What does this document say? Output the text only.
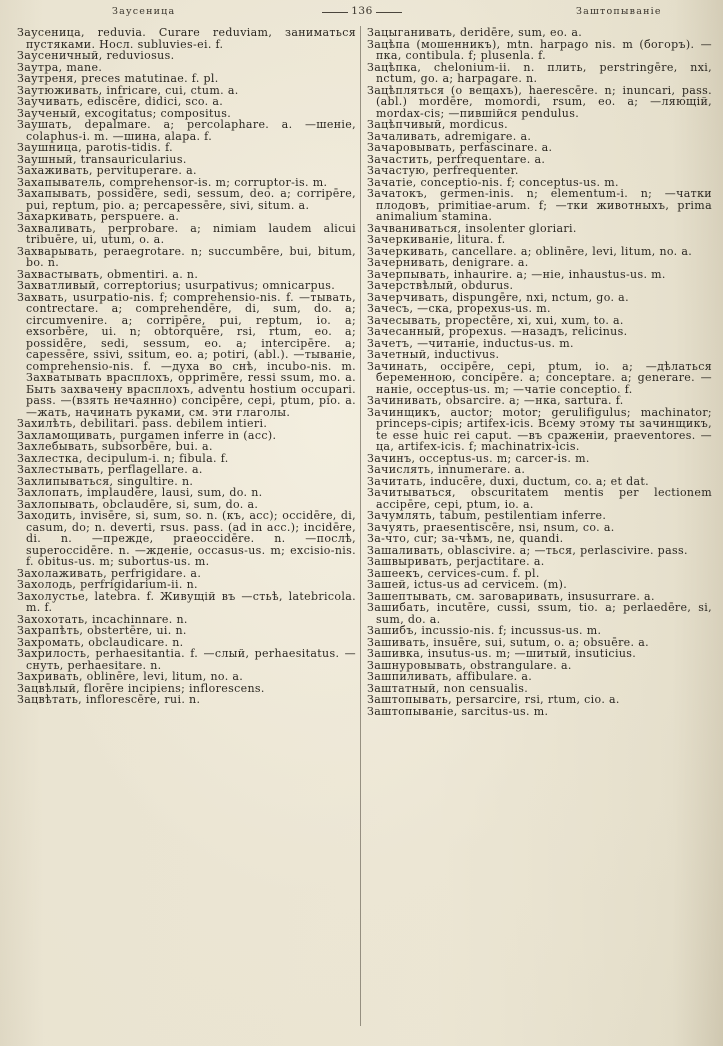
Заусеница	136	Заштопываніе

Заусеница, reduvia. Curare reduviam, заниматься пустяками. Носл. subluvies-ei. f.

Заусеничный, reduviosus.

Заутра, mane.

Заутреня, preces matutinae. f. pl.

Заутюживать, infricare, cui, ctum. a.

Заучивать, ediscēre, didici, sco. a.

Заученый, excogitatus; compositus.

Заушать, depalmare. a; percolaphare. a. —шеніе, colaphus-i. m. —шина, alapa. f.

Заушница, parotis-tidis. f.

Заушный, transauricularius.

Захаживать, pervituperare. a.

Захапыватель, comprehensor-is. m; corruptor-is. m.

Захапывать, possidēre, sedi, sessum, deo. a; corripēre, pui, reptum, pio. a; percapessēre, sivi, situm. a.

Захаркивать, perspuere. a.

Захваливать, perprobare. a; nimiam laudem alicui tribuēre, ui, utum, o. a.

Захварывать, peraegrotare. n; succumbēre, bui, bitum, bo. n.

Захвастывать, obmentiri. a. n.

Захватливый, correptorius; usurpativus; omnicarpus.

Захвать, usurpatio-nis. f; comprehensio-nis. f. —тывать, contrectare. a; comprehendēre, di, sum, do. a; circumvenire. a; corripēre, pui, reptum, io. a; exsorbēre, ui. n; obtorquēre, rsi, rtum, eo. a; possidēre, sedi, sessum, eo. a; intercipēre. a; capessēre, ssivi, ssitum, eo. a; potiri, (abl.). —тываніе, comprehensio-nis. f. —духа во снѣ, incubo-nis. m. Захватывать врасплохъ, opprimēre, ressi ssum, mo. a. Быть захвачену врасплохъ, adventu hostium occupari. pass. —(взять нечаянно) concipēre, cepi, ptum, pio. a. —жать, начинать руками, см. эти глаголы.

Захилѣть, debilitari. pass. debilem intieri.

Захламощивать, purgamen inferre in (acc).

Захлебывать, subsorbēre, bui. a.

Захлестка, decipulum-i. n; fibula. f.

Захлестывать, perflagellare. a.

Захлипываться, singultire. n.

Захлопать, implaudēre, lausi, sum, do. n.

Захлопывать, obclaudēre, si, sum, do. a.

Заходить, invisēre, si, sum, so. n. (къ, acc); occidēre, di, casum, do; n. deverti, rsus. pass. (ad in acc.); incidēre, di. n. —прежде, praeoccidēre. n. —послѣ, superoccidēre. n. —жденіе, occasus-us. m; excisio-nis. f. obitus-us. m; subortus-us. m.

Захолаживать, perfrigidare. a.

Захолодь, perfrigidarium-ii. n.

Захолустье, latebra. f. Живущій въ —стьѣ, latebricola. m. f.

Захохотать, incachinnare. n.

Захрапѣть, obstertēre, ui. n.

Захромать, obclaudicare. n.

Захрилость, perhaesitantia. f. —слый, perhaesitatus. —снуть, perhaesitare. n.

Захривать, oblinēre, levi, litum, no. a.

Зацвѣлый, florēre incipiens; inflorescens.

Зацвѣтать, inflorescēre, rui. n.

Зацыганивать, deridēre, sum, eo. a.

Зацѣпа (мошенникъ), mtn. harpago nis. m (богоръ). —пка, contibula. f; plusenla. f.

Зацѣпка, chelonium-ii. n. плить, perstringēre, nxi, nctum, go. a; harpagare. n.

Зацѣпляться (о вещахъ), haerescēre. n; inuncari, pass. (abl.) mordēre, momordi, rsum, eo. a; —ляющій, mordax-cis; —пившійся pendulus.

Зацѣпчивый, mordicus.

Зачаливать, adremigare. a.

Зачаровывать, perfascinare. a.

Зачастить, perfrequentare. a.

Зачастую, perfrequenter.

Зачатіе, conceptio-nis. f; conceptus-us. m.

Зачатокъ, germen-inis. n; elementum-i. n; —чатки плодовъ, primitiae-arum. f; —тки животныхъ, prima animalium stamina.

Зачваниваться, insolenter gloriari.

Зачеркиваніе, litura. f.

Зачеркивать, cancellare. a; oblinēre, levi, litum, no. a.

Зачернивать, denigrare. a.

Зачерпывать, inhaurire. a; —ніе, inhaustus-us. m.

Зачерствѣлый, obdurus.

Зачерчивать, dispungēre, nxi, nctum, go. a.

Зачесъ, —ска, propexus-us. m.

Зачесывать, propectēre, xi, xui, xum, to. a.

Зачесанный, propexus. —назадъ, relicinus.

Зачетъ, —читаніе, inductus-us. m.

Зачетный, inductivus.

Зачинать, occipēre, cepi, ptum, io. a; —дѣлаться беременною, concipēre. a; conceptare. a; generare. —наніе, occeptus-us. m; —чатіе conceptio. f.

Зачинивать, obsarcire. a; —нка, sartura. f.

Зачинщикъ, auctor; motor; gerulifigulus; machinator; princeps-cipis; artifex-icis. Всему этому ты зачинщикъ, te esse huic rei caput. —въ сраженіи, praeventores. —ца, artifex-icis. f; machinatrix-icis.

Зачинъ, occeptus-us. m; carcer-is. m.

Зачислять, innumerare. a.

Зачитать, inducēre, duxi, ductum, co. a; et dat.

Зачитываться, obscuritatem mentis per lectionem accipēre, cepi, ptum, io. a.

Зачумлять, tabum, pestilentiam inferre.

Зачуять, praesentiscēre, nsi, nsum, co. a.

За-что, cur; за-чѣмъ, ne, quandi.

Зашаливать, oblascivire. a; —ться, perlascivire. pass.

Зашвыривать, perjactitare. a.

Зашеекъ, cervices-cum. f. pl.

Зашей, ictus-us ad cervicem. (m).

Зашептывать, см. заговаривать, insusurrare. a.

Зашибать, incutēre, cussi, ssum, tio. a; perlaedēre, si, sum, do. a.

Зашибъ, incussio-nis. f; incussus-us. m.

Зашивать, insuēre, sui, sutum, o. a; obsuēre. a.

Зашивка, insutus-us. m; —шитый, insuticius.

Зашнуровывать, obstrangulare. a.

Зашпиливать, affibulare. a.

Заштатный, non censualis.

Заштопывать, persarcire, rsi, rtum, cio. a.

Заштопываніе, sarcitus-us. m.
